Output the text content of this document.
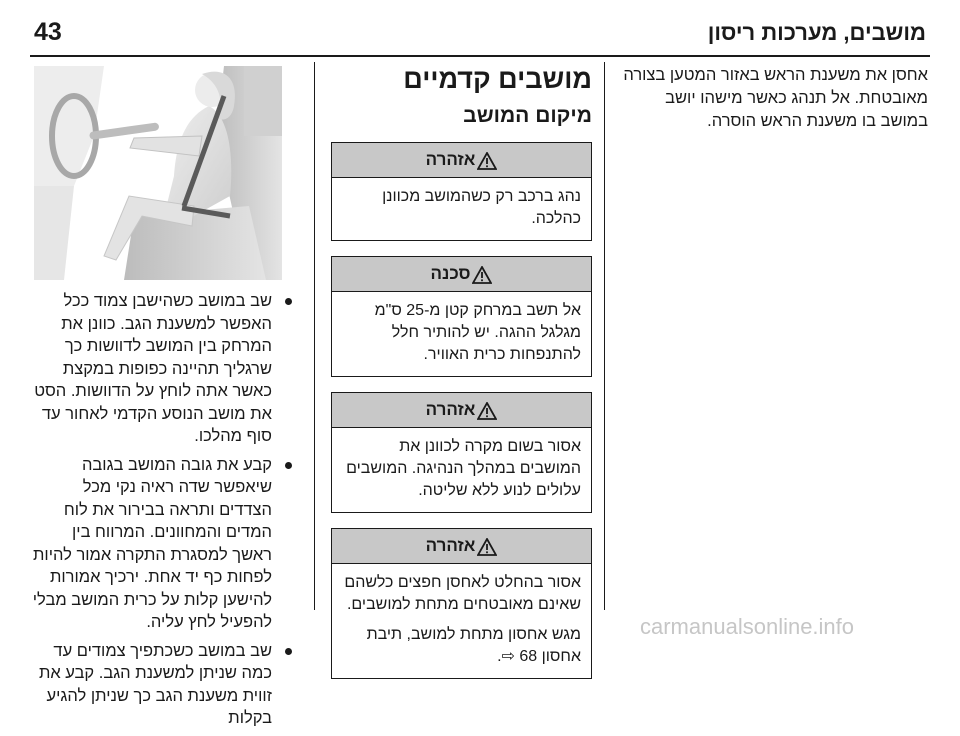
43	מושבים, מערכות ריסון

אחסן את משענת הראש באזור המטען בצורה מאובטחת. אל תנהג כאשר מישהו יושב במושב בו משענת הראש הוסרה.

מושבים קדמיים
מיקום המושב
אזהרה

נהג ברכב רק כשהמושב מכוונן כהלכה.

סכנה

אל תשב במרחק קטן מ-25 ס"מ מגלגל ההגה. יש להותיר חלל להתנפחות כרית האוויר.

אזהרה

אסור בשום מקרה לכוונן את המושבים במהלך הנהיגה. המושבים עלולים לנוע ללא שליטה.

אזהרה

אסור בהחלט לאחסן חפצים כלשהם שאינם מאובטחים מתחת למושבים.

מגש אחסון מתחת למושב, תיבת אחסון 68 ⇨.

שב במושב כשהישבן צמוד ככל האפשר למשענת הגב. כוונן את המרחק בין המושב לדוושות כך שרגליך תהיינה כפופות במקצת כאשר אתה לוחץ על הדוושות. הסט את מושב הנוסע הקדמי לאחור עד סוף מהלכו.
קבע את גובה המושב בגובה שיאפשר שדה ראיה נקי מכל הצדדים ותראה בבירור את לוח המדים והמחוונים. המרווח בין ראשך למסגרת התקרה אמור להיות לפחות כף יד אחת. ירכיך אמורות להישען קלות על כרית המושב מבלי להפעיל לחץ עליה.
שב במושב כשכתפיך צמודים עד כמה שניתן למשענת הגב. קבע את זווית משענת הגב כך שניתן להגיע בקלות
carmanualsonline.info
